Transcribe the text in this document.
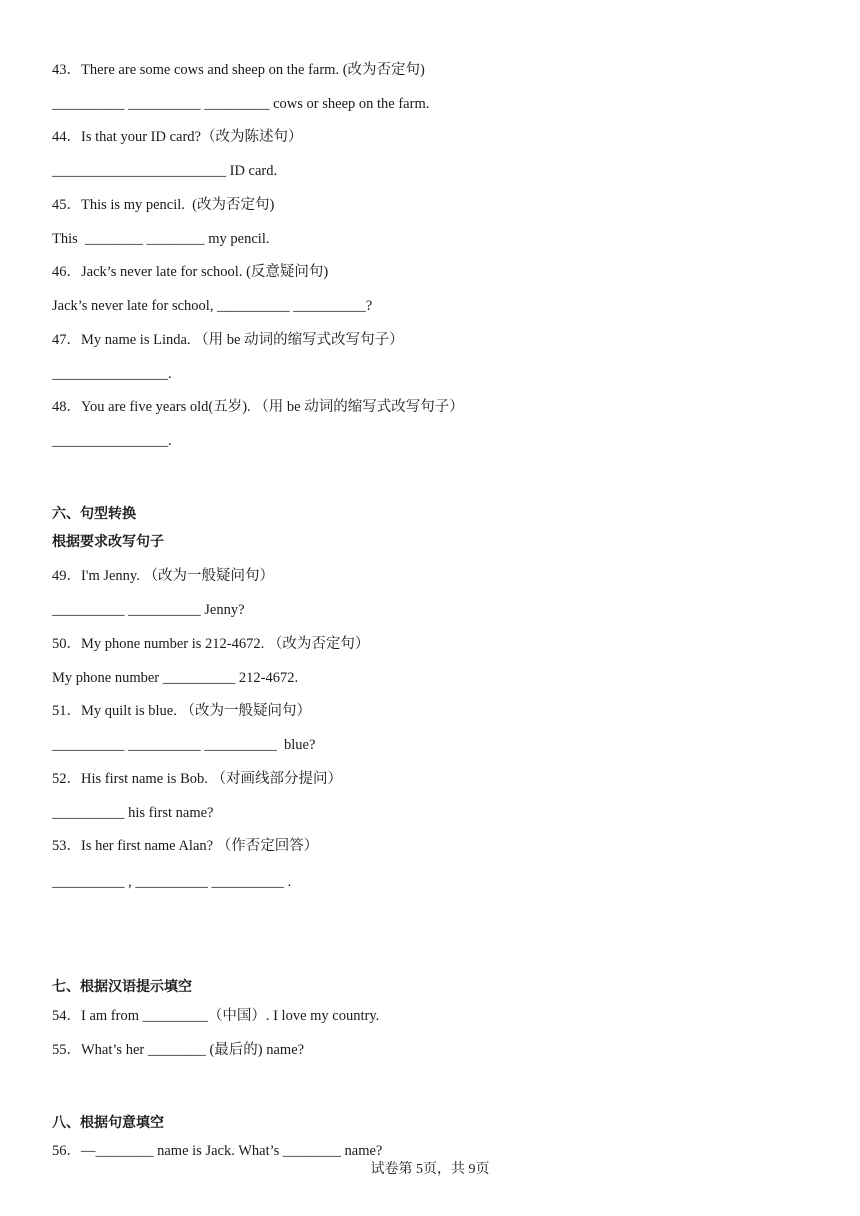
43．There are some cows and sheep on the farm. (改为否定句)
__________ __________ _________ cows or sheep on the farm.
44．Is that your ID card?（改为陈述句）
________________________ ID card.
45．This is my pencil.  (改为否定句)
This  ________ ________ my pencil.
46．Jack’s never late for school. (反意疑问句)
Jack’s never late for school, __________ __________?
47．My name is Linda. （用 be 动词的缩写式改写句子）
________________.
48．You are five years old(五岁). （用 be 动词的缩写式改写句子）
________________.
六、句型转换
根据要求改写句子
49．I'm Jenny. （改为一般疑问句）
__________ __________ Jenny?
50．My phone number is 212-4672. （改为否定句）
My phone number __________ 212-4672.
51．My quilt is blue. （改为一般疑问句）
__________ __________ __________  blue?
52．His first name is Bob. （对画线部分提问）
__________ his first name?
53．Is her first name Alan? （作否定回答）
__________ , __________ __________ .
七、根据汉语提示填空
54．I am from _________（中国）. I love my country.
55．What’s her ________ (最后的) name?
八、根据句意填空
56．—________ name is Jack. What’s ________ name?
试卷第 5页，共 9页
